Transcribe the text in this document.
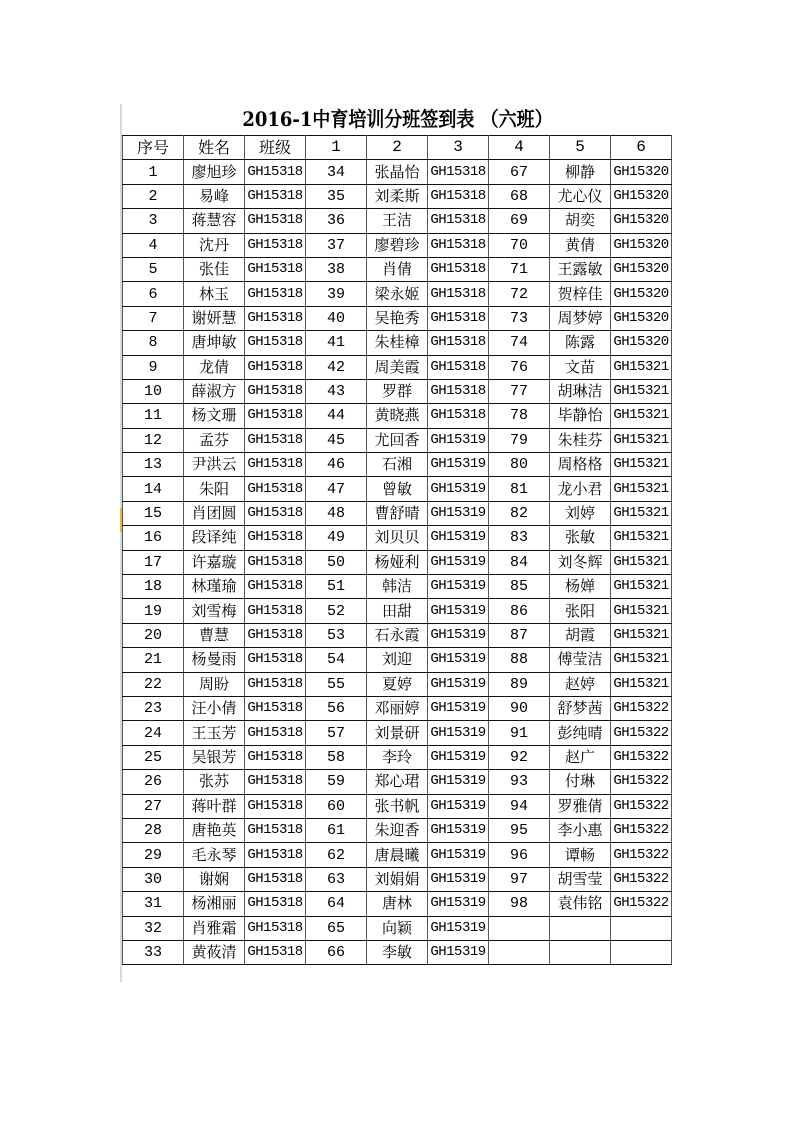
2016-1中育培训分班签到表 （六班）
序号	姓名	班级	1	2	3	4	5	6
1	廖旭珍	GH15318	34	张晶怡	GH15318	67	柳静	GH15320
2	易峰	GH15318	35	刘柔斯	GH15318	68	尤心仪	GH15320
3	蒋慧容	GH15318	36	王洁	GH15318	69	胡奕	GH15320
4	沈丹	GH15318	37	廖碧珍	GH15318	70	黄倩	GH15320
5	张佳	GH15318	38	肖倩	GH15318	71	王露敏	GH15320
6	林玉	GH15318	39	梁永姬	GH15318	72	贺梓佳	GH15320
7	谢妍慧	GH15318	40	吴艳秀	GH15318	73	周梦婷	GH15320
8	唐坤敏	GH15318	41	朱桂樟	GH15318	74	陈露	GH15320
9	龙倩	GH15318	42	周美霞	GH15318	76	文苗	GH15321
10	薛淑方	GH15318	43	罗群	GH15318	77	胡琳洁	GH15321
11	杨文珊	GH15318	44	黄晓燕	GH15318	78	毕静怡	GH15321
12	孟芬	GH15318	45	尤回香	GH15319	79	朱桂芬	GH15321
13	尹洪云	GH15318	46	石湘	GH15319	80	周格格	GH15321
14	朱阳	GH15318	47	曾敏	GH15319	81	龙小君	GH15321
15	肖团圆	GH15318	48	曹舒晴	GH15319	82	刘婷	GH15321
16	段译纯	GH15318	49	刘贝贝	GH15319	83	张敏	GH15321
17	许嘉璇	GH15318	50	杨娅利	GH15319	84	刘冬辉	GH15321
18	林瑾瑜	GH15318	51	韩洁	GH15319	85	杨婵	GH15321
19	刘雪梅	GH15318	52	田甜	GH15319	86	张阳	GH15321
20	曹慧	GH15318	53	石永霞	GH15319	87	胡霞	GH15321
21	杨曼雨	GH15318	54	刘迎	GH15319	88	傅莹洁	GH15321
22	周盼	GH15318	55	夏婷	GH15319	89	赵婷	GH15321
23	汪小倩	GH15318	56	邓丽婷	GH15319	90	舒梦茜	GH15322
24	王玉芳	GH15318	57	刘景研	GH15319	91	彭纯晴	GH15322
25	吴银芳	GH15318	58	李玲	GH15319	92	赵广	GH15322
26	张苏	GH15318	59	郑心珺	GH15319	93	付琳	GH15322
27	蒋叶群	GH15318	60	张书帆	GH15319	94	罗雅倩	GH15322
28	唐艳英	GH15318	61	朱迎香	GH15319	95	李小惠	GH15322
29	毛永琴	GH15318	62	唐晨曦	GH15319	96	谭畅	GH15322
30	谢娴	GH15318	63	刘娟娟	GH15319	97	胡雪莹	GH15322
31	杨湘丽	GH15318	64	唐林	GH15319	98	袁伟铭	GH15322
32	肖雅霜	GH15318	65	向颖	GH15319			
33	黄莜清	GH15318	66	李敏	GH15319			
